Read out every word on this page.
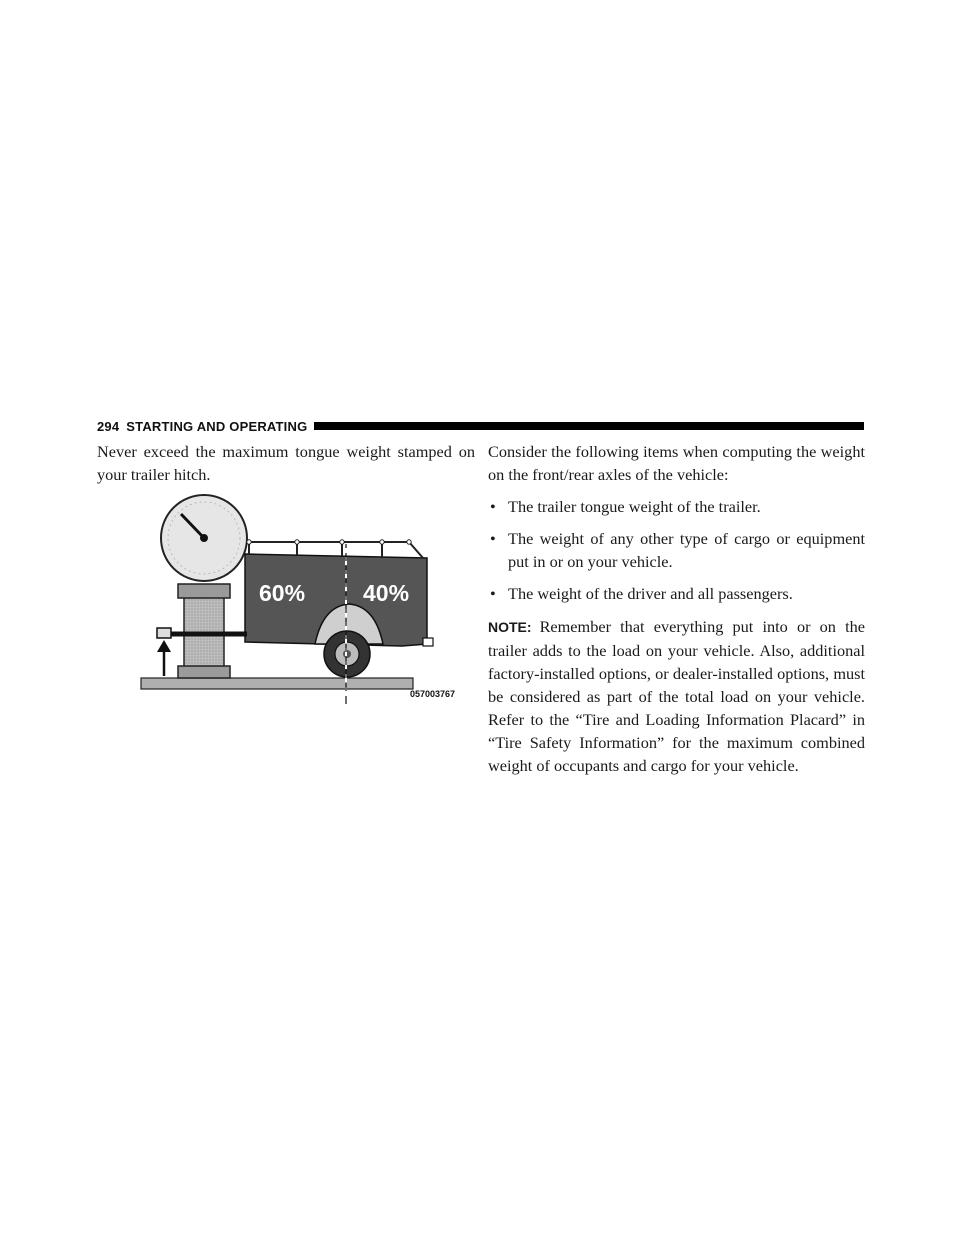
294 STARTING AND OPERATING

Never exceed the maximum tongue weight stamped on your trailer hitch.

60%	40%
057003767

Consider the following items when computing the weight on the front/rear axles of the vehicle:

• The trailer tongue weight of the trailer.
• The weight of any other type of cargo or equipment put in or on your vehicle.
• The weight of the driver and all passengers.

NOTE: Remember that everything put into or on the trailer adds to the load on your vehicle. Also, additional factory-installed options, or dealer-installed options, must be considered as part of the total load on your vehicle. Refer to the “Tire and Loading Information Placard” in “Tire Safety Information” for the maximum combined weight of occupants and cargo for your vehicle.
